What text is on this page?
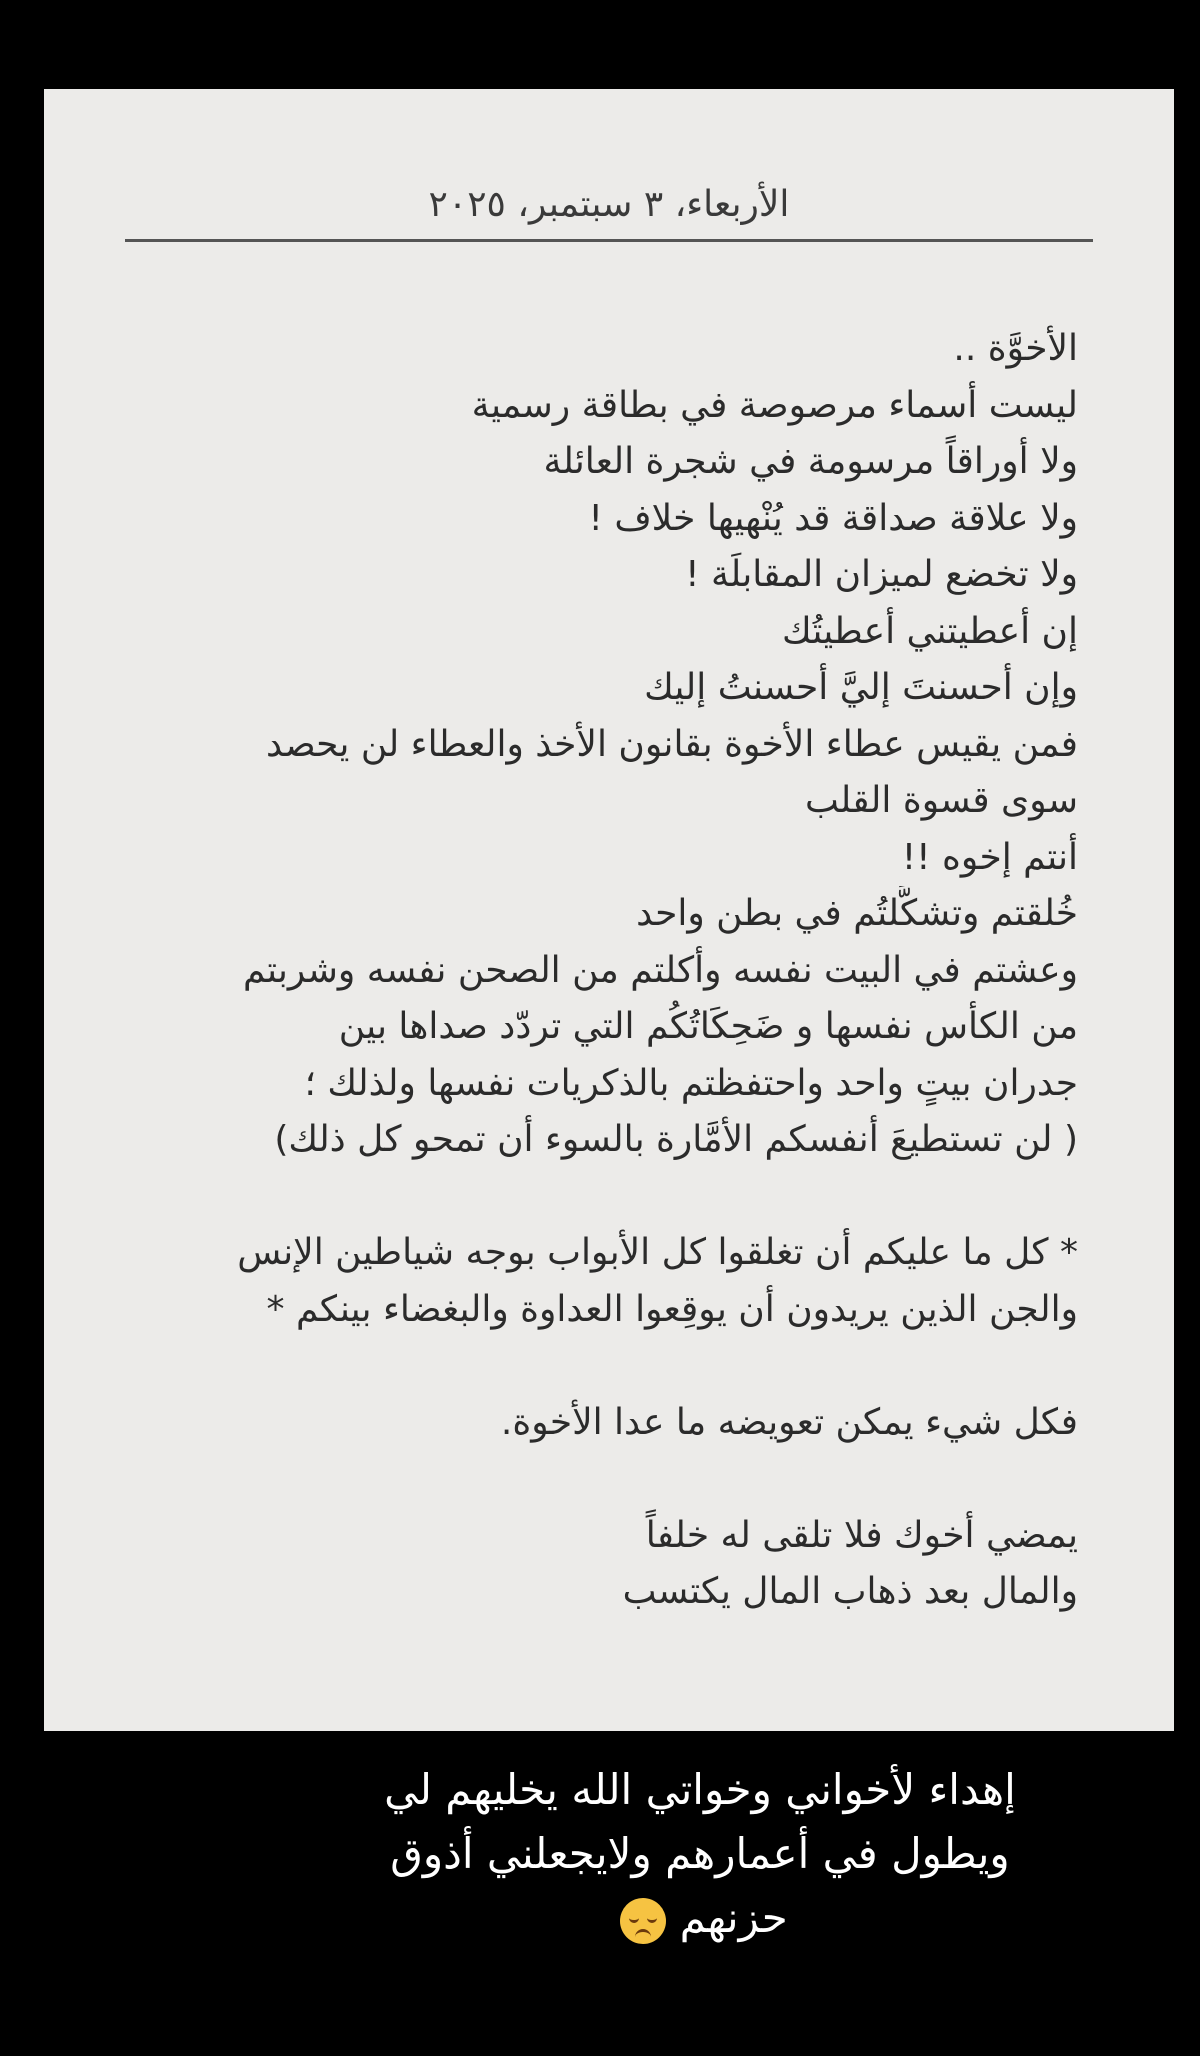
الأربعاء، ٣ سبتمبر، ٢٠٢٥
الأخوَّة ..
ليست أسماء مرصوصة في بطاقة رسمية
ولا أوراقاً مرسومة في شجرة العائلة
ولا علاقة صداقة قد يُنْهيها خلاف !
ولا تخضع لميزان المقابلَة !
إن أعطيتني أعطيتُك
وإن أحسنتَ إليَّ أحسنتُ إليك
فمن يقيس عطاء الأخوة بقانون الأخذ والعطاء لن يحصد
سوى قسوة القلب
أنتم إخوه !!
خُلقتم وتشكَّلتُم في بطن واحد
وعشتم في البيت نفسه وأكلتم من الصحن نفسه وشربتم
من الكأس نفسها و ضَحِكَاتُكُم التي تردّد صداها بين
جدران بيتٍ واحد واحتفظتم بالذكريات نفسها ولذلك ؛
( لن تستطيعَ أنفسكم الأمَّارة بالسوء أن تمحو كل ذلك)
* كل ما عليكم أن تغلقوا كل الأبواب بوجه شياطين الإنس
والجن الذين يريدون أن يوقِعوا العداوة والبغضاء بينكم *
فكل شيء يمكن تعويضه ما عدا الأخوة.
يمضي أخوك فلا تلقى له خلفاً
والمال بعد ذهاب المال يكتسب
إهداء لأخواني وخواتي الله يخليهم لي
ويطول في أعمارهم ولايجعلني أذوق
حزنهم
